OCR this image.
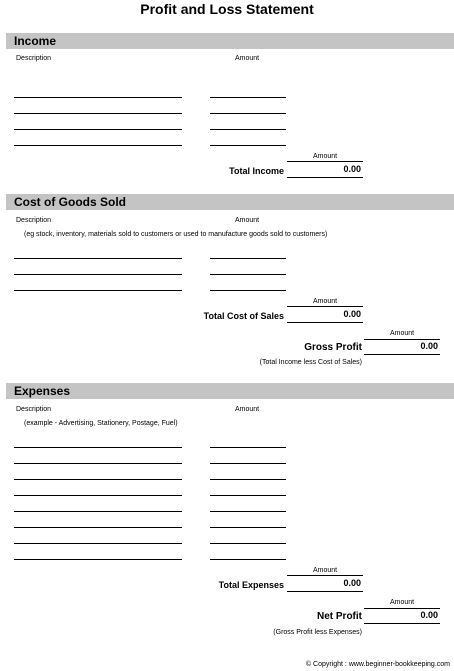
Profit and Loss Statement
Income
Description	Amount
Amount
Total Income	0.00
Cost of Goods Sold
Description	Amount
(eg stock, inventory, materials sold to customers or used to manufacture goods sold to customers)
Amount
Total Cost of Sales	0.00
Amount
Gross Profit	0.00
(Total Income less Cost of Sales)
Expenses
Description	Amount
(example - Advertising, Stationery, Postage, Fuel)
Amount
Total Expenses	0.00
Amount
Net Profit	0.00
(Gross Profit less Expenses)
© Copyright : www.beginner-bookkeeping.com
